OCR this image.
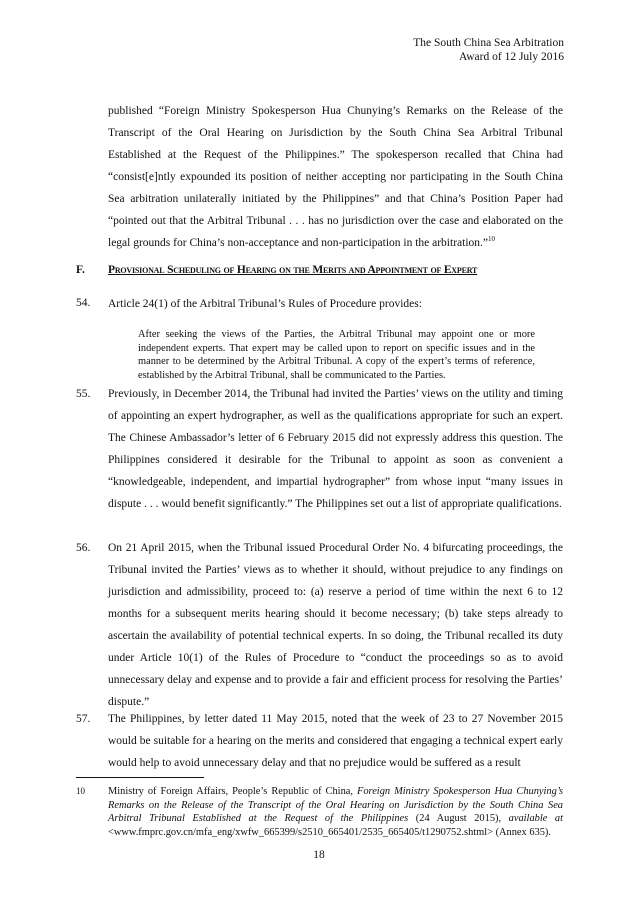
The South China Sea Arbitration
Award of 12 July 2016
published “Foreign Ministry Spokesperson Hua Chunying’s Remarks on the Release of the Transcript of the Oral Hearing on Jurisdiction by the South China Sea Arbitral Tribunal Established at the Request of the Philippines.” The spokesperson recalled that China had “consist[e]ntly expounded its position of neither accepting nor participating in the South China Sea arbitration unilaterally initiated by the Philippines” and that China’s Position Paper had “pointed out that the Arbitral Tribunal . . . has no jurisdiction over the case and elaborated on the legal grounds for China’s non-acceptance and non-participation in the arbitration.”$^{10}$
F. Provisional Scheduling of Hearing on the Merits and Appointment of Expert
54. Article 24(1) of the Arbitral Tribunal’s Rules of Procedure provides:
After seeking the views of the Parties, the Arbitral Tribunal may appoint one or more independent experts. That expert may be called upon to report on specific issues and in the manner to be determined by the Arbitral Tribunal. A copy of the expert’s terms of reference, established by the Arbitral Tribunal, shall be communicated to the Parties.
55. Previously, in December 2014, the Tribunal had invited the Parties’ views on the utility and timing of appointing an expert hydrographer, as well as the qualifications appropriate for such an expert. The Chinese Ambassador’s letter of 6 February 2015 did not expressly address this question. The Philippines considered it desirable for the Tribunal to appoint as soon as convenient a “knowledgeable, independent, and impartial hydrographer” from whose input “many issues in dispute . . . would benefit significantly.” The Philippines set out a list of appropriate qualifications.
56. On 21 April 2015, when the Tribunal issued Procedural Order No. 4 bifurcating proceedings, the Tribunal invited the Parties’ views as to whether it should, without prejudice to any findings on jurisdiction and admissibility, proceed to: (a) reserve a period of time within the next 6 to 12 months for a subsequent merits hearing should it become necessary; (b) take steps already to ascertain the availability of potential technical experts. In so doing, the Tribunal recalled its duty under Article 10(1) of the Rules of Procedure to “conduct the proceedings so as to avoid unnecessary delay and expense and to provide a fair and efficient process for resolving the Parties’ dispute.”
57. The Philippines, by letter dated 11 May 2015, noted that the week of 23 to 27 November 2015 would be suitable for a hearing on the merits and considered that engaging a technical expert early would help to avoid unnecessary delay and that no prejudice would be suffered as a result
10 Ministry of Foreign Affairs, People’s Republic of China, Foreign Ministry Spokesperson Hua Chunying’s Remarks on the Release of the Transcript of the Oral Hearing on Jurisdiction by the South China Sea Arbitral Tribunal Established at the Request of the Philippines (24 August 2015), available at <www.fmprc.gov.cn/mfa_eng/xwfw_665399/s2510_665401/2535_665405/t1290752.shtml> (Annex 635).
18
